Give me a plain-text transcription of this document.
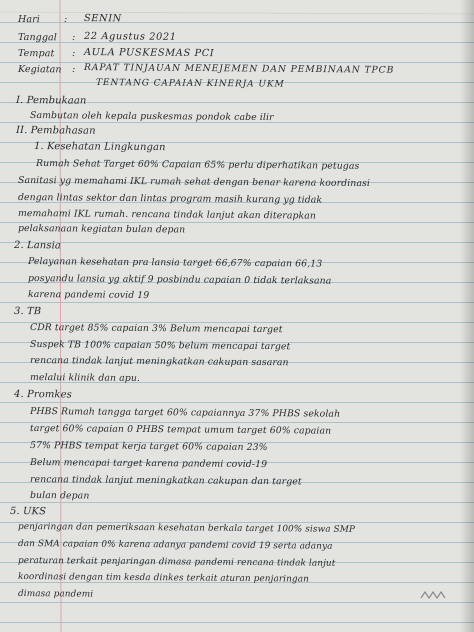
Hari	: SENIN
Tanggal : 22 Agustus 2021
Tempat : AULA PUSKESMAS PCI
Kegiatan : RAPAT TINJAUAN MENEJEMEN DAN PEMBINAAN TPCB
TENTANG CAPAIAN KINERJA UKM
I. Pembukaan
Sambutan oleh kepala puskesmas pondok cabe ilir
II. Pembahasan
1. Kesehatan Lingkungan
Rumah Sehat Target 60% Capaian 65% perlu diperhatikan petugas
Sanitasi yg memahami IKL rumah sehat dengan benar karena koordinasi
dengan lintas sektor dan lintas program masih kurang yg tidak
memahami IKL rumah. rencana tindak lanjut akan diterapkan
pelaksanaan kegiatan bulan depan
2. Lansia
Pelayanan kesehatan pra lansia target 66,67% capaian 66,13
posyandu lansia yg aktif 9 posbindu capaian 0 tidak terlaksana
karena pandemi covid 19
3. TB
CDR target 85% capaian 3% Belum mencapai target
Suspek TB 100% capaian 50% belum mencapai target
rencana tindak lanjut meningkatkan cakupan sasaran
melalui klinik dan apu.
4. Promkes
PHBS Rumah tangga target 60% capaiannya 37% PHBS sekolah
target 60% capaian 0 PHBS tempat umum target 60% capaian
57% PHBS tempat kerja target 60% capaian 23%
Belum mencapai target karena pandemi covid-19
rencana tindak lanjut meningkatkan cakupan dan target
bulan depan
5. UKS
penjaringan dan pemeriksaan kesehatan berkala target 100% siswa SMP
dan SMA capaian 0% karena adanya pandemi covid 19 serta adanya
peraturan terkait penjaringan dimasa pandemi rencana tindak lanjut
koordinasi dengan tim kesda dinkes terkait aturan penjaringan
dimasa pandemi
